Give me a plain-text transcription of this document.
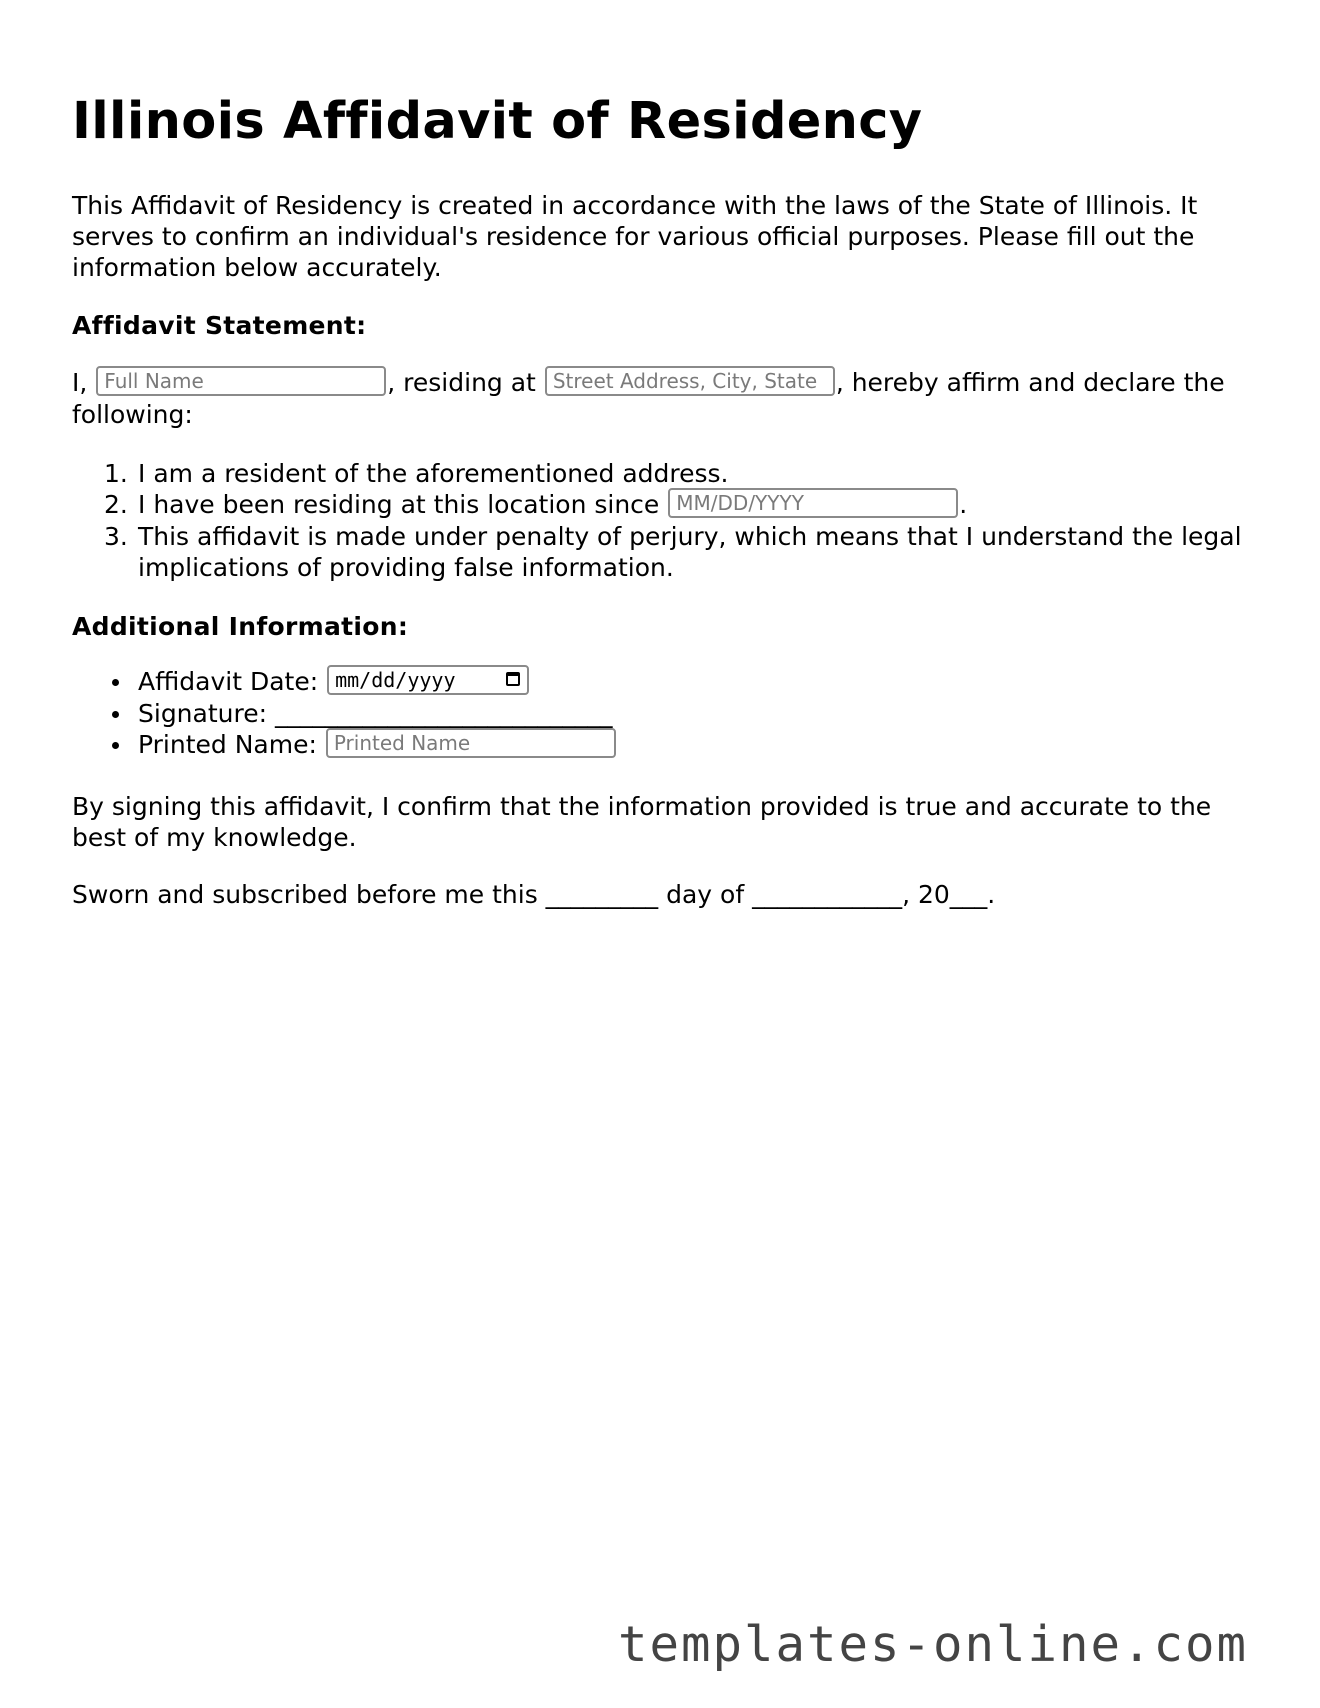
Illinois Affidavit of Residency

This Affidavit of Residency is created in accordance with the laws of the State of Illinois. It serves to confirm an individual's residence for various official purposes. Please fill out the information below accurately.

Affidavit Statement:

I, Full Name	, residing at Street Address, City, State , hereby affirm and declare the following:

1. I am a resident of the aforementioned address.
2. I have been residing at this location since MM/DD/YYYY	.
3. This affidavit is made under penalty of perjury, which means that I understand the legal implications of providing false information.
Additional Information:
Affidavit Date: mm/dd/yyyy
Signature: ___________________________
Printed Name: Printed Name

By signing this affidavit, I confirm that the information provided is true and accurate to the best of my knowledge.

Sworn and subscribed before me this _________ day of ____________, 20___.

templates-online.com
